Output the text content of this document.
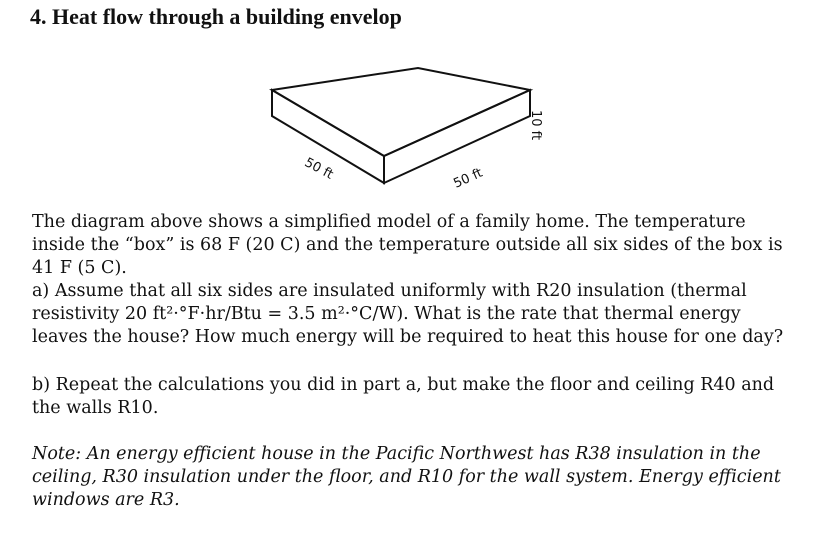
4. Heat flow through a building envelop
50 ft	50 ft
10 ft

The diagram above shows a simplified model of a family home. The temperature inside the “box” is 68 F (20 C) and the temperature outside all six sides of the box is 41 F (5 C).

a) Assume that all six sides are insulated uniformly with R20 insulation (thermal resistivity 20 ft²·°F·hr/Btu = 3.5 m²·°C/W). What is the rate that thermal energy leaves the house? How much energy will be required to heat this house for one day?

b) Repeat the calculations you did in part a, but make the floor and ceiling R40 and the walls R10.

Note: An energy efficient house in the Pacific Northwest has R38 insulation in the ceiling, R30 insulation under the floor, and R10 for the wall system. Energy efficient windows are R3.
